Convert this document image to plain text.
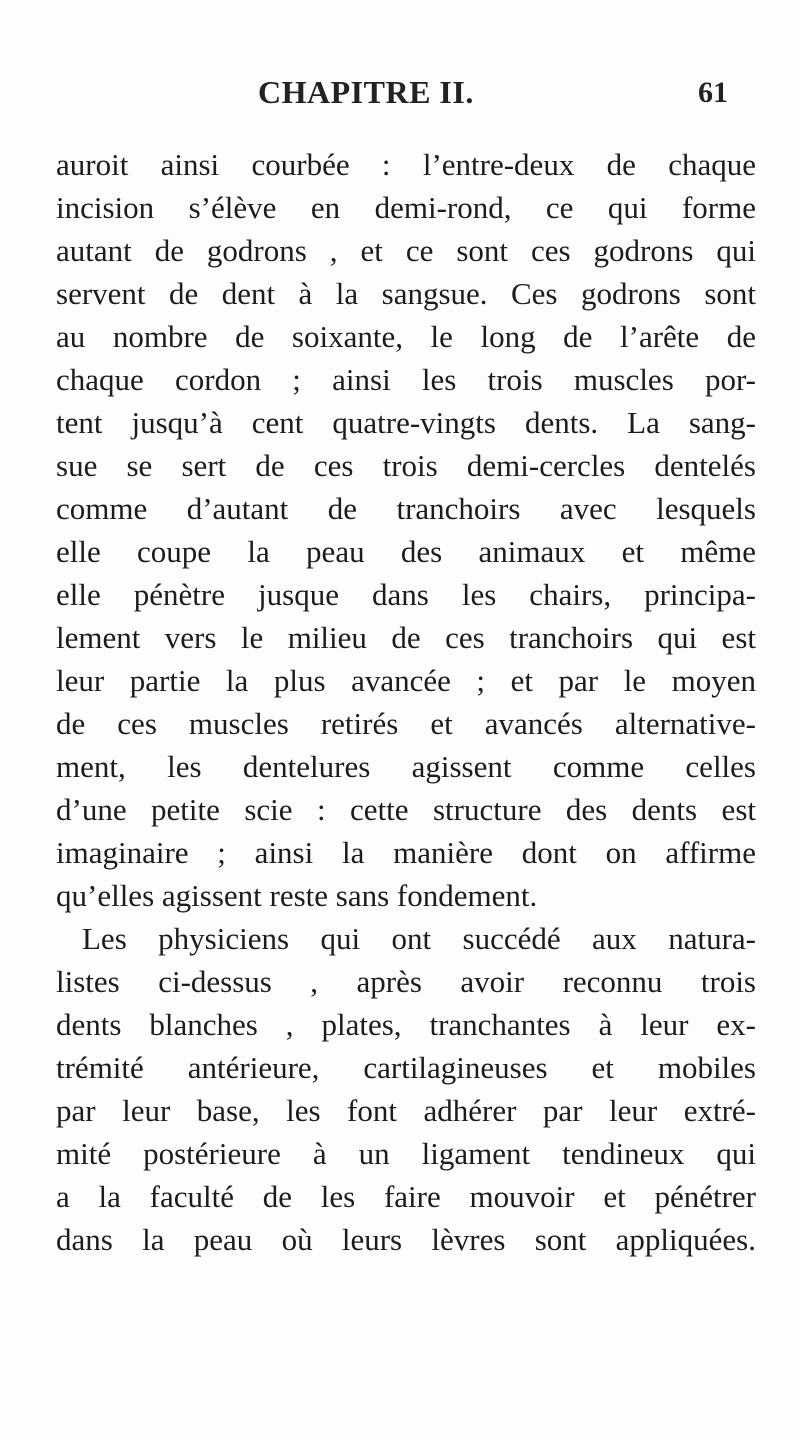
CHAPITRE II.	61
auroit ainsi courbée : l’entre-deux de chaque
incision s’élève en demi-rond, ce qui forme
autant de godrons , et ce sont ces godrons qui
servent de dent à la sangsue. Ces godrons sont
au nombre de soixante, le long de l’arête de
chaque cordon ; ainsi les trois muscles por-
tent jusqu’à cent quatre-vingts dents. La sang-
sue se sert de ces trois demi-cercles dentelés
comme d’autant de tranchoirs avec lesquels
elle coupe la peau des animaux et même
elle pénètre jusque dans les chairs, principa-
lement vers le milieu de ces tranchoirs qui est
leur partie la plus avancée ; et par le moyen
de ces muscles retirés et avancés alternative-
ment, les dentelures agissent comme celles
d’une petite scie : cette structure des dents est
imaginaire ; ainsi la manière dont on affirme
qu’elles agissent reste sans fondement.
Les physiciens qui ont succédé aux natura-
listes ci-dessus , après avoir reconnu trois
dents blanches , plates, tranchantes à leur ex-
trémité antérieure, cartilagineuses et mobiles
par leur base, les font adhérer par leur extré-
mité postérieure à un ligament tendineux qui
a la faculté de les faire mouvoir et pénétrer
dans la peau où leurs lèvres sont appliquées.
